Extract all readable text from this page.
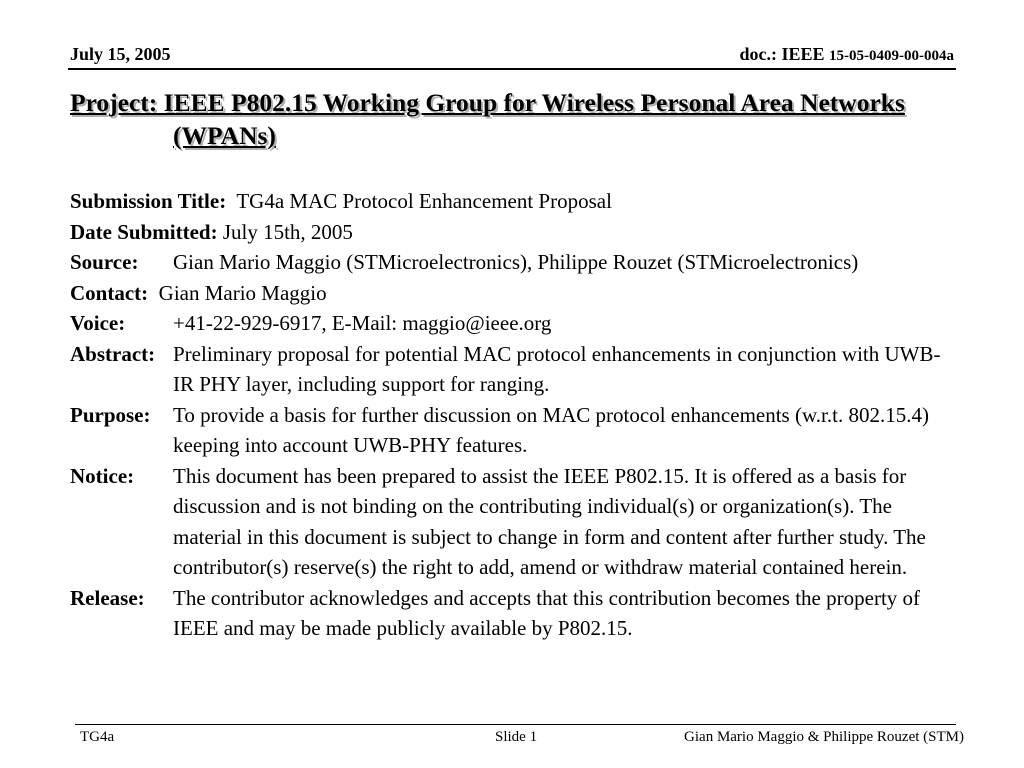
July 15, 2005	doc.: IEEE 15-05-0409-00-004a
Project: IEEE P802.15 Working Group for Wireless Personal Area Networks (WPANs)
Submission Title: TG4a MAC Protocol Enhancement Proposal
Date Submitted: July 15th, 2005
Source: Gian Mario Maggio (STMicroelectronics), Philippe Rouzet (STMicroelectronics)
Contact: Gian Mario Maggio
Voice: +41-22-929-6917, E-Mail: maggio@ieee.org
Abstract: Preliminary proposal for potential MAC protocol enhancements in conjunction with UWB-IR PHY layer, including support for ranging.
Purpose: To provide a basis for further discussion on MAC protocol enhancements (w.r.t. 802.15.4) keeping into account UWB-PHY features.
Notice: This document has been prepared to assist the IEEE P802.15. It is offered as a basis for discussion and is not binding on the contributing individual(s) or organization(s). The material in this document is subject to change in form and content after further study. The contributor(s) reserve(s) the right to add, amend or withdraw material contained herein.
Release: The contributor acknowledges and accepts that this contribution becomes the property of IEEE and may be made publicly available by P802.15.
TG4a	Slide 1	Gian Mario Maggio & Philippe Rouzet (STM)
